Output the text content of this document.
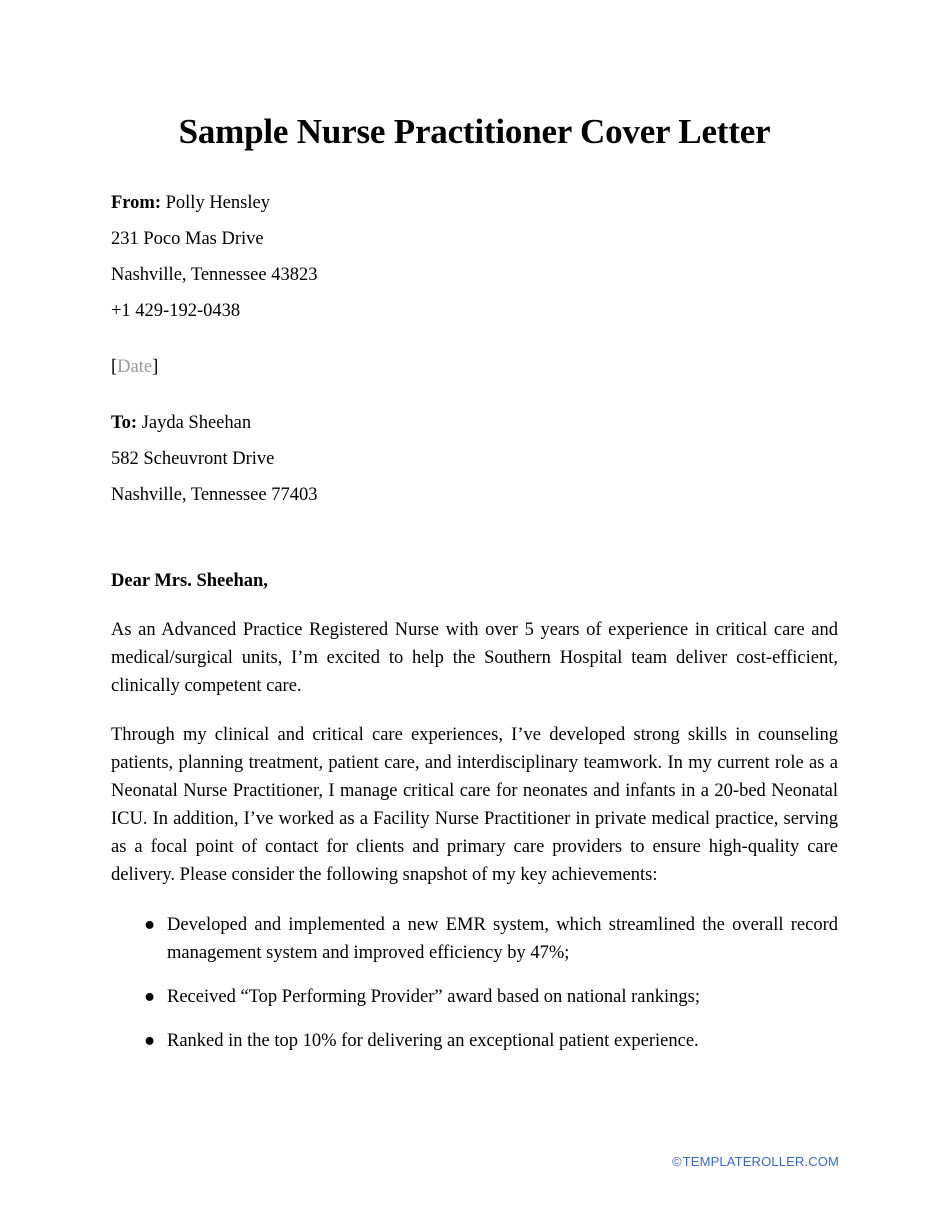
Sample Nurse Practitioner Cover Letter
From: Polly Hensley
231 Poco Mas Drive
Nashville, Tennessee 43823
+1 429-192-0438
[Date]
To: Jayda Sheehan
582 Scheuvront Drive
Nashville, Tennessee 77403
Dear Mrs. Sheehan,

As an Advanced Practice Registered Nurse with over 5 years of experience in critical care and medical/surgical units, I’m excited to help the Southern Hospital team deliver cost-efficient, clinically competent care.

Through my clinical and critical care experiences, I’ve developed strong skills in counseling patients, planning treatment, patient care, and interdisciplinary teamwork. In my current role as a Neonatal Nurse Practitioner, I manage critical care for neonates and infants in a 20-bed Neonatal ICU. In addition, I’ve worked as a Facility Nurse Practitioner in private medical practice, serving as a focal point of contact for clients and primary care providers to ensure high-quality care delivery. Please consider the following snapshot of my key achievements:

● Developed and implemented a new EMR system, which streamlined the overall record management system and improved efficiency by 47%;
● Received “Top Performing Provider” award based on national rankings;
● Ranked in the top 10% for delivering an exceptional patient experience.
©TEMPLATEROLLER.COM
